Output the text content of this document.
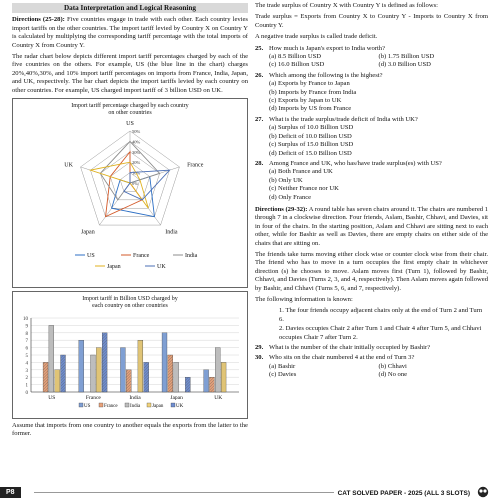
Data Interpretation and Logical Reasoning

Directions (25-28): Five countries engage in trade with each other. Each country levies import tariffs on the other countries. The import tariff levied by Country X on Country Y is calculated by multiplying the corresponding tariff percentage with the total imports of Country X from Country Y.

The radar chart below depicts different import tariff percentages charged by each of the five countries on the others. For example, US (the blue line in the chart) charges 20%,40%,30%, and 10% import tariff percentages on imports from France, India, Japan, and UK, respectively. The bar chart depicts the import tariffs levied by each country on other countries. For example, US charged import tariff of 3 billion USD on UK.

Import tariff percentage charged by each country
on other countries
50%
40%
30%
20%
10%
0%
US
France
India
Japan
UK
US	France	India
Japan	UK
Import tariff in Billion USD charged by
each country on other countries
0
1
2
3
4
5
6
7
8
9
10
US	France	India	Japan	UK
US	France India Japan	UK

Assume that imports from one country to another equals the exports from the latter to the former.

The trade surplus of Country X with Country Y is defined as follows:

Trade surplus = Exports from Country X to Country Y - Imports to Country X from Country Y.

A negative trade surplus is called trade deficit.

25. How much is Japan's export to India worth?
(a) 8.5 Billion USD	(b) 1.75 Billion USD
(c) 16.0 Billion USD	(d) 3.0 Billion USD
26. Which among the following is the highest?
(a) Exports by France to Japan
(b) Imports by France from India
(c) Exports by Japan to UK
(d) Imports by US from France
27. What is the trade surplus/trade deficit of India with UK?
(a) Surplus of 10.0 Billion USD
(b) Deficit of 10.0 Billion USD
(c) Surplus of 15.0 Billion USD
(d) Deficit of 15.0 Billion USD
28. Among France and UK, who has/have trade surplus(es) with US?
(a) Both France and UK
(b) Only UK
(c) Neither France nor UK
(d) Only France

Directions (29-32): A round table has seven chairs around it. The chairs are numbered 1 through 7 in a clockwise direction. Four friends, Aslam, Bashir, Chhavi, and Davies, sit in four of the chairs. In the starting position, Aslam and Chhavi are sitting next to each other, while for Bashir as well as Davies, there are empty chairs on either side of the chairs that are sitting on.

The friends take turns moving either clock wise or counter clock wise from their chair. The friend who has to move in a turn occupies the first empty chair in whichever direction (s) he chooses to move. Aslam moves first (Turn 1), followed by Bashir, Chhavi, and Davies (Turns 2, 3, and 4, respectively). Then Aslam moves again followed by Bashir, and Chhavi (Turns 5, 6, and 7, respectively).

The following information is known:

1. The four friends occupy adjacent chairs only at the end of Turn 2 and Turn 6.
2. Davies occupies Chair 2 after Turn 1 and Chair 4 after Turn 5, and Chhavi occupies Chair 7 after Turn 2.
29. What is the number of the chair initially occupied by Bashir?
30. Who sits on the chair numbered 4 at the end of Turn 3?
(a) Bashir	(b) Chhavi
(c) Davies	(d) No one
P8	CAT SOLVED PAPER - 2025 (ALL 3 SLOTS)
